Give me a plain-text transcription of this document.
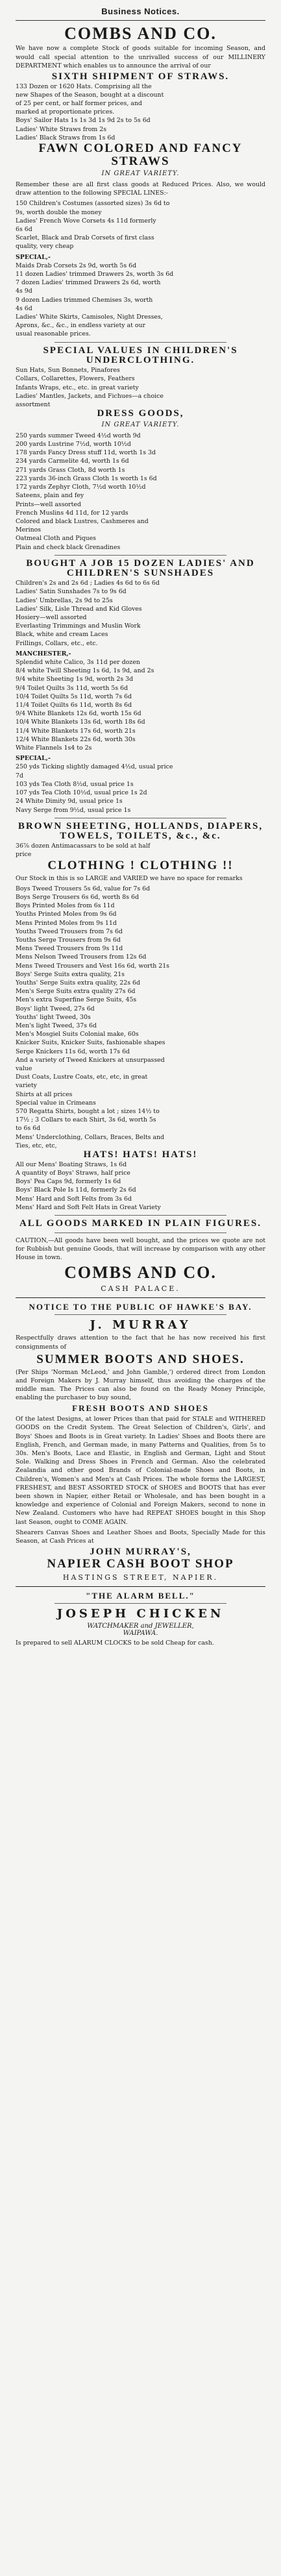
Business Notices.
COMBS AND CO.
We have now a complete Stock of goods suitable for incoming Season, and would call special attention to the unrivalled success of our MILLINERY DEPARTMENT which enables us to announce the arrival of our
SIXTH SHIPMENT OF STRAWS.
133 Dozen or 1620 Hats. Comprising all the
new Shapes of the Season, bought at a discount
of 25 per cent, or half former prices, and
marked at proportionate prices.
Boys' Sailor Hats 1s 1s 3d 1s 9d 2s to 5s 6d
Ladies' White Straws from 2s
Ladies' Black Straws from 1s 6d
FAWN COLORED AND FANCY STRAWS
IN GREAT VARIETY.
Remember these are all first class goods at Reduced Prices. Also, we would draw attention to the following SPECIAL LINES:-
150 Children's Costumes (assorted sizes) 3s 6d to
9s, worth double the money
Ladies' French Wove Corsets 4s 11d formerly
6s 6d
Scarlet, Black and Drab Corsets of first class
quality, very cheap
SPECIAL,-
Maids Drab Corsets 2s 9d, worth 5s 6d
11 dozen Ladies' trimmed Drawers 2s, worth 3s 6d
7 dozen Ladies' trimmed Drawers 2s 6d, worth
4s 9d
9 dozen Ladies trimmed Chemises 3s, worth
4s 6d
Ladies' White Skirts, Camisoles, Night Dresses,
Aprons, &c., &c., in endless variety at our
usual reasonable prices.
SPECIAL VALUES IN CHILDREN'S UNDERCLOTHING.
Sun Hats, Sun Bonnets, Pinafores
Collars, Collarettes, Flowers, Feathers
Infants Wraps, etc., etc. in great variety
Ladies' Mantles, Jackets, and Fichues—a choice
assortment
DRESS GOODS,
IN GREAT VARIETY.
250 yards summer Tweed 4½d worth 9d
200 yards Lustrine 7½d, worth 10½d
178 yards Fancy Dress stuff 11d, worth 1s 3d
234 yards Carmelite 4d, worth 1s 6d
271 yards Grass Cloth, 8d worth 1s
223 yards 36-inch Grass Cloth 1s worth 1s 6d
172 yards Zephyr Cloth, 7½d worth 10½d
Sateens, plain and fey
Prints—well assorted
French Muslins 4d 11d, for 12 yards
Colored and black Lustres, Cashmeres and
Merinos
Oatmeal Cloth and Piques
Plain and check black Grenadines
BOUGHT A JOB 15 DOZEN LADIES' AND CHILDREN'S SUNSHADES
Children's 2s and 2s 6d ; Ladies 4s 6d to 6s 6d
Ladies' Satin Sunshades 7s to 9s 6d
Ladies' Umbrellas, 2s 9d to 25s
Ladies' Silk, Lisle Thread and Kid Gloves
Hosiery—well assorted
Everlasting Trimmings and Muslin Work
Black, white and cream Laces
Frillings, Collars, etc., etc.
MANCHESTER,-
Splendid white Calico, 3s 11d per dozen
8/4 white Twill Sheeting 1s 6d, 1s 9d, and 2s
9/4 white Sheeting 1s 9d, worth 2s 3d
9/4 Toilet Quilts 3s 11d, worth 5s 6d
10/4 Toilet Quilts 5s 11d, worth 7s 6d
11/4 Toilet Quilts 6s 11d, worth 8s 6d
9/4 White Blankets 12s 6d, worth 15s 6d
10/4 White Blankets 13s 6d, worth 18s 6d
11/4 White Blankets 17s 6d, worth 21s
12/4 White Blankets 22s 6d, worth 30s
White Flannels 1s4 to 2s
SPECIAL,-
250 yds Ticking slightly damaged 4½d, usual price
7d
103 yds Tea Cloth 8½d, usual price 1s
107 yds Tea Cloth 10½d, usual price 1s 2d
24 White Dimity 9d, usual price 1s
Navy Serge from 9½d, usual price 1s
BROWN SHEETING, HOLLANDS, DIAPERS, TOWELS, TOILETS, &c., &c.
36⅞ dozen Antimacassars to be sold at half
price
CLOTHING ! CLOTHING !!
Our Stock in this is so LARGE and VARIED we have no space for remarks
Boys Tweed Trousers 5s 6d, value for 7s 6d
Boys Serge Trousers 6s 6d, worth 8s 6d
Boys Printed Moles from 6s 11d
Youths Printed Moles from 9s 6d
Mens Printed Moles from 9s 11d
Youths Tweed Trousers from 7s 6d
Youths Serge Trousers from 9s 6d
Mens Tweed Trousers from 9s 11d
Mens Nelson Tweed Trousers from 12s 6d
Mens Tweed Trousers and Vest 16s 6d, worth 21s
Boys' Serge Suits extra quality, 21s
Youths' Serge Suits extra quality, 22s 6d
Men's Serge Suits extra quality 27s 6d
Men's extra Superfine Serge Suits, 45s
Boys' light Tweed, 27s 6d
Youths' light Tweed, 30s
Men's light Tweed, 37s 6d
Men's Mosgiel Suits Colonial make, 60s
Knicker Suits, Knicker Suits, fashionable shapes
Serge Knickers 11s 6d, worth 17s 6d
And a variety of Tweed Knickers at unsurpassed
value
Dust Coats, Lustre Coats, etc, etc, in great
variety
Shirts at all prices
Special value in Crimeans
570 Regatta Shirts, bought a lot ; sizes 14½ to
17½ ; 3 Collars to each Shirt, 3s 6d, worth 5s
to 6s 6d
Mens' Underclothing, Collars, Braces, Belts and
Ties, etc, etc,
HATS! HATS! HATS!
All our Mens' Boating Straws, 1s 6d
A quantity of Boys' Straws, half price
Boys' Pea Caps 9d, formerly 1s 6d
Boys' Black Pole Is 11d, formerly 2s 6d
Mens' Hard and Soft Felts from 3s 6d
Mens' Hard and Soft Felt Hats in Great Variety
ALL GOODS MARKED IN PLAIN FIGURES.
CAUTION,—All goods have been well bought, and the prices we quote are not for Rubbish but genuine Goods, that will increase by comparison with any other House in town.
COMBS AND CO.
CASH PALACE.
NOTICE TO THE PUBLIC OF HAWKE'S BAY.
J. MURRAY
Respectfully draws attention to the fact that he has now received his first consignments of
SUMMER BOOTS AND SHOES.
(Per Ships 'Norman McLeod,' and John Gamble,') ordered direct from London and Foreign Makers by J. Murray himself, thus avoiding the charges of the middle man. The Prices can also be found on the Ready Money Principle, enabling the purchaser to buy sound,
FRESH BOOTS AND SHOES
Of the latest Designs, at lower Prices than that paid for STALE and WITHERED GOODS on the Credit System. The Great Selection of Children's, Girls', and Boys' Shoes and Boots is in Great variety. In Ladies' Shoes and Boots there are English, French, and German made, in many Patterns and Qualities, from 5s to 30s. Men's Boots, Lace and Elastic, in English and German, Light and Stout Sole. Walking and Dress Shoes in French and German. Also the celebrated Zealandia and other good Brands of Colonial-made Shoes and Boots, in Children's, Women's and Men's at Cash Prices. The whole forms the LARGEST, FRESHEST, and BEST ASSORTED STOCK of SHOES and BOOTS that has ever been shown in Napier, either Retail or Wholesale, and has been bought in a knowledge and experience of Colonial and Foreign Makers, second to none in New Zealand. Customers who have had REPEAT SHOES bought in this Shop last Season, ought to COME AGAIN.
Shearers Canvas Shoes and Leather Shoes and Boots, Specially Made for this Season, at Cash Prices at
JOHN MURRAY'S,
NAPIER CASH BOOT SHOP
HASTINGS STREET, NAPIER.
"THE ALARM BELL."
JOSEPH CHICKEN
WATCHMAKER and JEWELLER,
WAIPAWA.
Is prepared to sell ALARUM CLOCKS to be sold Cheap for cash.
